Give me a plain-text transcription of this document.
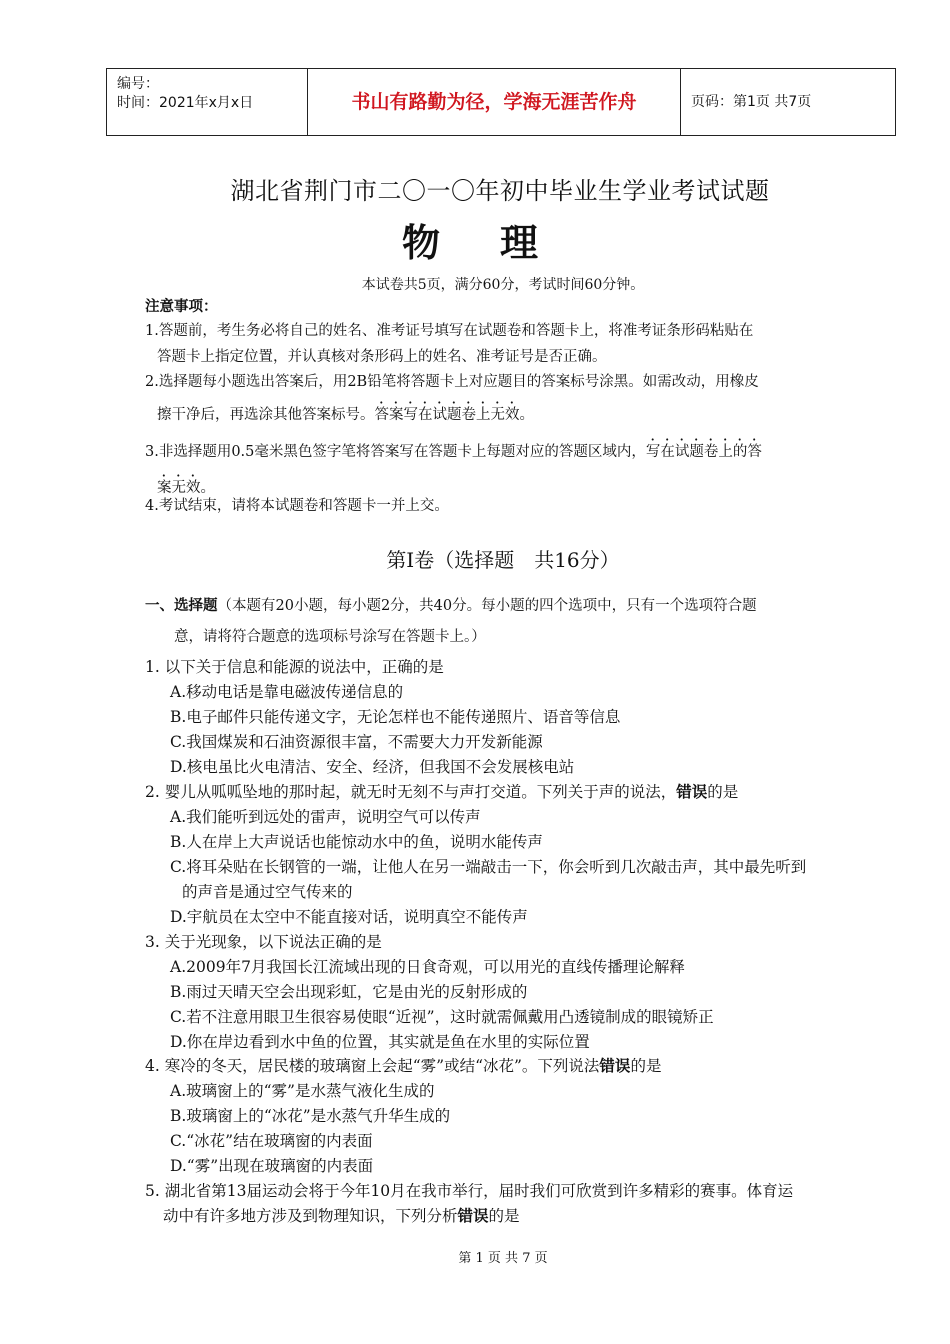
编号：
时间：2021年x月x日	书山有路勤为径，学海无涯苦作舟	页码：第1页 共7页
湖北省荆门市二〇一〇年初中毕业生学业考试试题
物理
本试卷共5页，满分60分，考试时间60分钟。
注意事项：
1.答题前，考生务必将自己的姓名、准考证号填写在试题卷和答题卡上，将准考证条形码粘贴在
答题卡上指定位置，并认真核对条形码上的姓名、准考证号是否正确。
2.选择题每小题选出答案后，用2B铅笔将答题卡上对应题目的答案标号涂黑。如需改动，用橡皮
擦干净后，再选涂其他答案标号。答案写在试题卷上无效。
3.非选择题用0.5毫米黑色签字笔将答案写在答题卡上每题对应的答题区域内，写在试题卷上的答
案无效。
4.考试结束，请将本试题卷和答题卡一并上交。
第Ⅰ卷（选择题　共16分）
一、选择题（本题有20小题，每小题2分，共40分。每小题的四个选项中，只有一个选项符合题
意，请将符合题意的选项标号涂写在答题卡上。）
1. 以下关于信息和能源的说法中，正确的是
A.移动电话是靠电磁波传递信息的
B.电子邮件只能传递文字，无论怎样也不能传递照片、语音等信息
C.我国煤炭和石油资源很丰富，不需要大力开发新能源
D.核电虽比火电清洁、安全、经济，但我国不会发展核电站
2. 婴儿从呱呱坠地的那时起，就无时无刻不与声打交道。下列关于声的说法，错误的是
A.我们能听到远处的雷声，说明空气可以传声
B.人在岸上大声说话也能惊动水中的鱼，说明水能传声
C.将耳朵贴在长钢管的一端，让他人在另一端敲击一下，你会听到几次敲击声，其中最先听到
的声音是通过空气传来的
D.宇航员在太空中不能直接对话，说明真空不能传声
3. 关于光现象，以下说法正确的是
A.2009年7月我国长江流域出现的日食奇观，可以用光的直线传播理论解释
B.雨过天晴天空会出现彩虹，它是由光的反射形成的
C.若不注意用眼卫生很容易使眼“近视”，这时就需佩戴用凸透镜制成的眼镜矫正
D.你在岸边看到水中鱼的位置，其实就是鱼在水里的实际位置
4. 寒冷的冬天，居民楼的玻璃窗上会起“雾”或结“冰花”。下列说法错误的是
A.玻璃窗上的“雾”是水蒸气液化生成的
B.玻璃窗上的“冰花”是水蒸气升华生成的
C.“冰花”结在玻璃窗的内表面
D.“雾”出现在玻璃窗的内表面
5. 湖北省第13届运动会将于今年10月在我市举行，届时我们可欣赏到许多精彩的赛事。体育运
动中有许多地方涉及到物理知识，下列分析错误的是
第 1 页 共 7 页
